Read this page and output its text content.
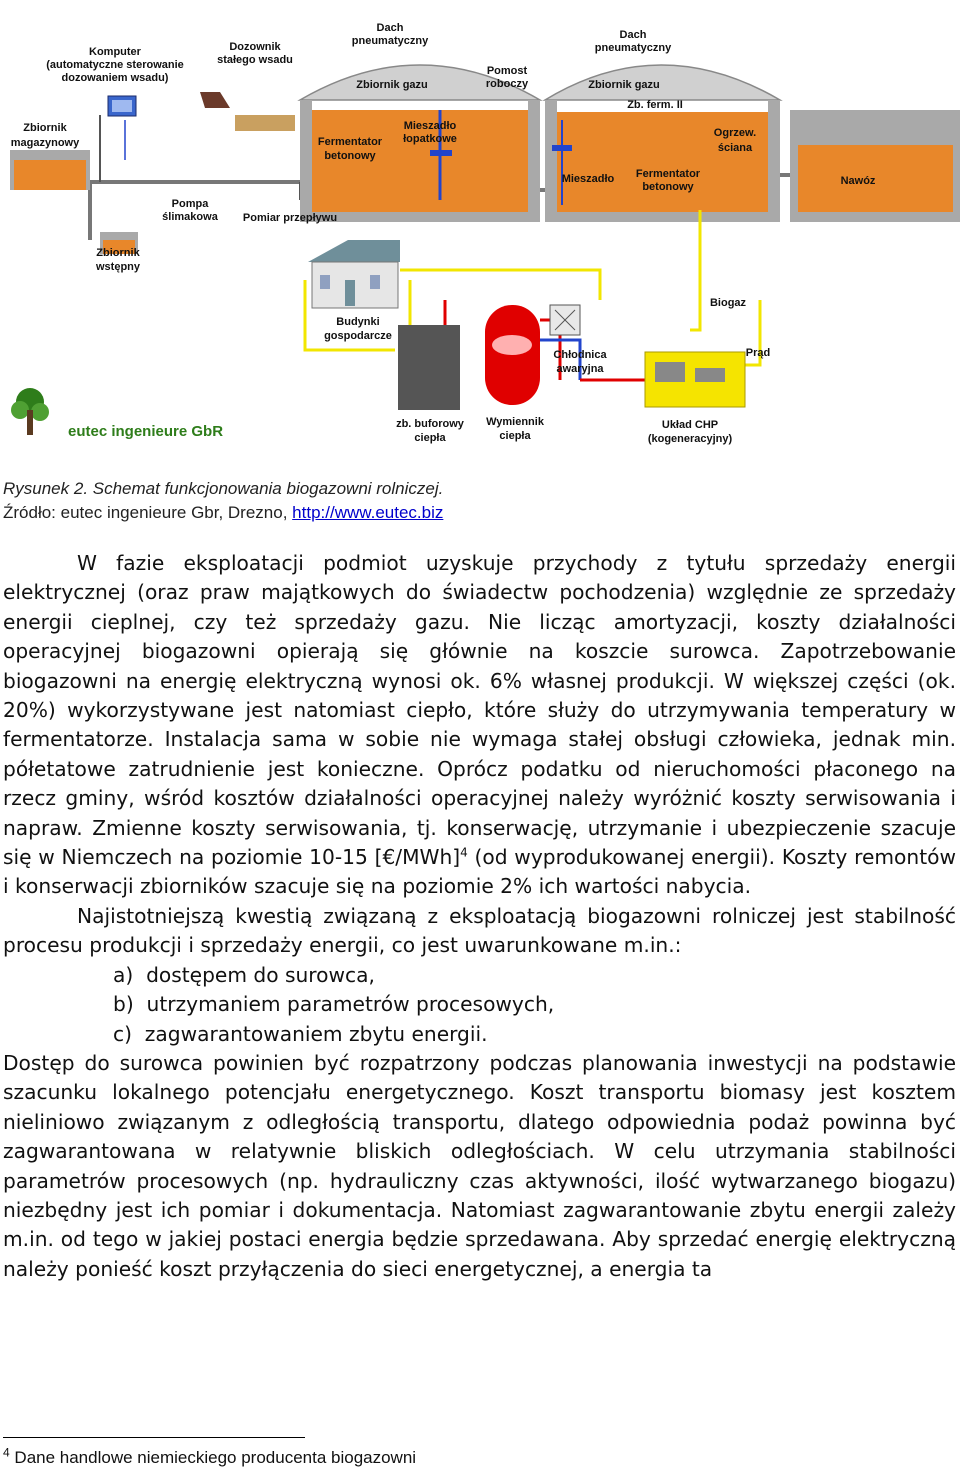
Komputer
(automatyczne sterowanie
dozowaniem wsadu)
Dozownik
stałego wsadu
Dach
pneumatyczny	Dach
pneumatyczny
Pomost
roboczy
Zbiornik gazu	Zbiornik gazu
Zb. ferm. II
Zbiornik
magazynowy	Fermentator
betonowy
Mieszadło
łopatkowe	Ogrzew.
ściana
Mieszadło Fermentator
betonowy	Nawóz
Pompa
ślimakowa Pomiar przepływu
Zbiornik
wstępny
Budynki
gospodarcze
Biogaz
Prąd
Chłodnica
awaryjna
zb. buforowy
ciepła
Wymiennik
ciepła
Układ CHP
(kogeneracyjny)
eutec ingenieure GbR
Rysunek 2. Schemat funkcjonowania biogazowni rolniczej.
Źródło: eutec ingenieure Gbr, Drezno, http://www.eutec.biz

W fazie eksploatacji podmiot uzyskuje przychody z tytułu sprzedaży energii elektrycznej (oraz praw majątkowych do świadectw pochodzenia) względnie ze sprzedaży energii cieplnej, czy też sprzedaży gazu. Nie licząc amortyzacji, koszty działalności operacyjnej biogazowni opierają się głównie na koszcie surowca. Zapotrzebowanie biogazowni na energię elektryczną wynosi ok. 6% własnej produkcji. W większej części (ok. 20%) wykorzystywane jest natomiast ciepło, które służy do utrzymywania temperatury w fermentatorze. Instalacja sama w sobie nie wymaga stałej obsługi człowieka, jednak min. półetatowe zatrudnienie jest konieczne. Oprócz podatku od nieruchomości płaconego na rzecz gminy, wśród kosztów działalności operacyjnej należy wyróżnić koszty serwisowania i napraw. Zmienne koszty serwisowania, tj. konserwację, utrzymanie i ubezpieczenie szacuje się w Niemczech na poziomie 10-15 [€/MWh]$^4$ (od wyprodukowanej energii). Koszty remontów i konserwacji zbiorników szacuje się na poziomie 2% ich wartości nabycia.

Najistotniejszą kwestią związaną z eksploatacją biogazowni rolniczej jest stabilność procesu produkcji i sprzedaży energii, co jest uwarunkowane m.in.:

a)  dostępem do surowca,
b)  utrzymaniem parametrów procesowych,
c)  zagwarantowaniem zbytu energii.

Dostęp do surowca powinien być rozpatrzony podczas planowania inwestycji na podstawie szacunku lokalnego potencjału energetycznego. Koszt transportu biomasy jest kosztem nieliniowo związanym z odległością transportu, dlatego odpowiednia podaż powinna być zagwarantowana w relatywnie bliskich odległościach. W celu utrzymania stabilności parametrów procesowych (np. hydrauliczny czas aktywności, ilość wytwarzanego biogazu) niezbędny jest ich pomiar i dokumentacja. Natomiast zagwarantowanie zbytu energii zależy m.in. od tego w jakiej postaci energia będzie sprzedawana. Aby sprzedać energię elektryczną należy ponieść koszt przyłączenia do sieci energetycznej, a energia ta

$^4$ Dane handlowe niemieckiego producenta biogazowni
